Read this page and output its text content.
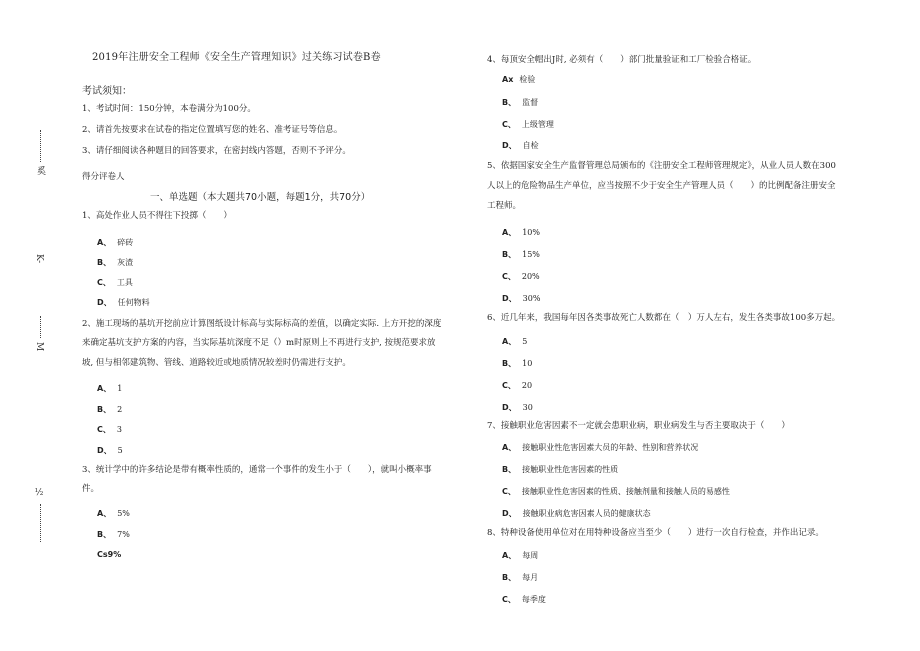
奚
K-
M
½
2019年注册安全工程师《安全生产管理知识》过关练习试卷B卷
考试须知：
1、考试时间：150分钟，本卷满分为100分。
2、请首先按要求在试卷的指定位置填写您的姓名、准考证号等信息。
3、请仔细阅读各种题目的回答要求，在密封线内答题，否则不予评分。
得分评卷人
一、单选题（本大题共70小题，每题1分，共70分）
1、高处作业人员不得往下投掷（　　）
A、 碎砖
B、 灰渣
C、 工具
D、 任何物料
2、施工现场的基坑开挖前应计算图纸设计标高与实际标高的差值，以确定实际. 上方开挖的深度
来确定基坑支护方案的内容，当实际基坑深度不足（）m时原则上不再进行支护, 按规范要求放
坡, 但与相邻建筑物、管线、道路较近或地质情况较差时仍需进行支护。
A、 1
B、 2
C、 3
D、 5
3、统计学中的许多结论是带有概率性质的，通常一个事件的发生小于（　　），就叫小概率事
件。
A、 5%
B、 7%
Cs9%
4、每顶安全帽出J时, 必须有（　　）部门批量验证和工厂检验合格证。
Ax 检验
B、 监督
C、 上级管理
D、 自检
5、依据国家安全生产监督管理总局颁布的《注册安全工程师管理规定》，从业人员人数在300
人以上的危险物品生产单位，应当按照不少于安全生产管理人员（　　）的比例配备注册安全
工程师。
A、 10%
B、 15%
C、 20%
D、 30%
6、近几年来，我国每年因各类事故死亡人数都在（　）万人左右，发生各类事故100多万起。
A、 5
B、 10
C、 20
D、 30
7、接触职业危害因素不一定就会患职业病，职业病发生与否主要取决于（　　）
A、 接触职业性危害因素大员的年龄、性别和营养状况
B、 接触职业性危害因素的性质
C、 接触职业性危害因素的性质、接触剂量和接触人员的易感性
D、 接触职业病危害因素人员的健康状态
8、特种设备使用单位对在用特种设备应当至少（　　）进行一次自行检查，并作出记录。
A、 每周
B、 每月
C、 每季度
